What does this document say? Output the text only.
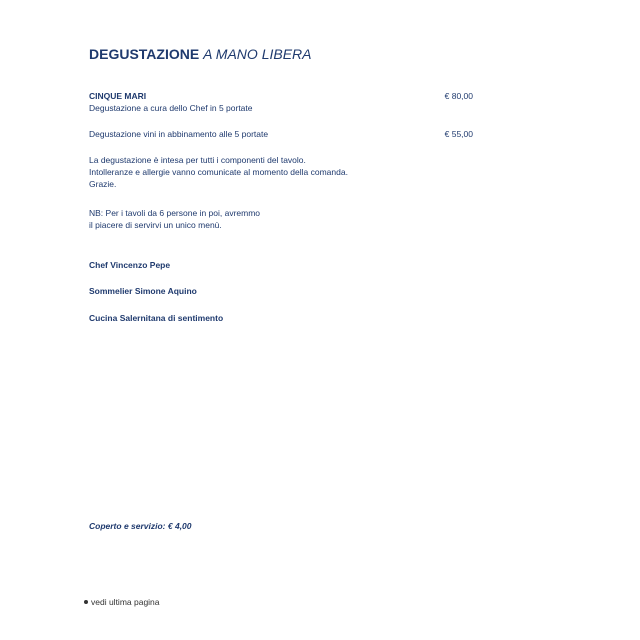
DEGUSTAZIONE A MANO LIBERA
CINQUE MARI
Degustazione a cura dello Chef in 5 portate
€ 80,00
Degustazione vini in abbinamento alle 5 portate	€ 55,00
La degustazione è intesa per tutti i componenti del tavolo.
Intolleranze e allergie vanno comunicate al momento della comanda.
Grazie.
NB: Per i tavoli da 6 persone in poi, avremmo
il piacere di servirvi un unico menù.
Chef Vincenzo Pepe
Sommelier Simone Aquino
Cucina Salernitana di sentimento
Coperto e servizio: € 4,00
vedi ultima pagina
